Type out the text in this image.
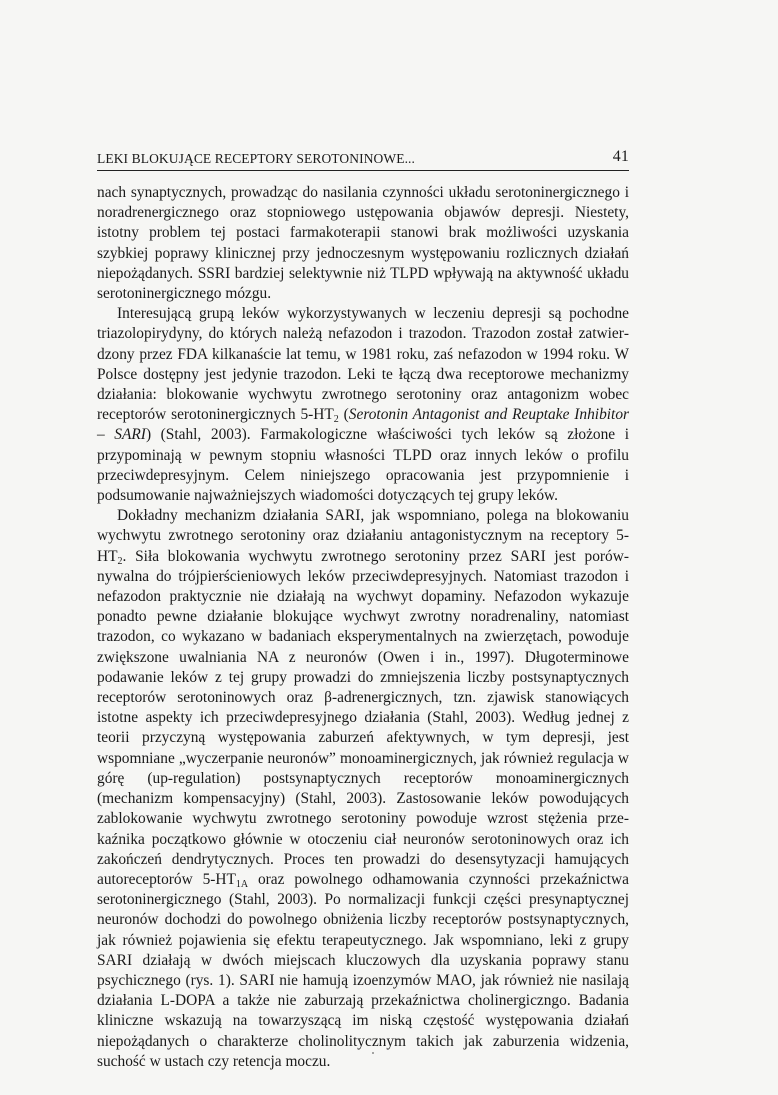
LEKI BLOKUJĄCE RECEPTORY SEROTONINOWE...	41

nach synaptycznych, prowadząc do nasilania czynności układu serotoninergicznego i noradrenergicznego oraz stopniowego ustępowania objawów depresji. Niestety, istotny problem tej postaci farmakoterapii stanowi brak możliwości uzyskania szybkiej poprawy klinicznej przy jednoczesnym występowaniu rozlicznych działań niepożądanych. SSRI bardziej selektywnie niż TLPD wpływają na aktywność układu serotoninergicznego mózgu.

Interesującą grupą leków wykorzystywanych w leczeniu depresji są pochodne triazolopirydyny, do których należą nefazodon i trazodon. Trazodon został zatwierdzony przez FDA kilkanaście lat temu, w 1981 roku, zaś nefazodon w 1994 roku. W Polsce dostępny jest jedynie trazodon. Leki te łączą dwa receptorowe mechanizmy działania: blokowanie wychwytu zwrotnego serotoniny oraz antagonizm wobec receptorów serotoninergicznych $5-HT_2$ (Serotonin Antagonist and Reuptake Inhibitor – SARI) (Stahl, 2003). Farmakologiczne właściwości tych leków są złożone i przypominają w pewnym stopniu własności TLPD oraz innych leków o profilu przeciwdepresyjnym. Celem niniejszego opracowania jest przypomnienie i podsumowanie najważniejszych wiadomości dotyczących tej grupy leków.

Dokładny mechanizm działania SARI, jak wspomniano, polega na blokowaniu wychwytu zwrotnego serotoniny oraz działaniu antagonistycznym na receptory $5-HT_2$. Siła blokowania wychwytu zwrotnego serotoniny przez SARI jest porównywalna do trójpierścieniowych leków przeciwdepresyjnych. Natomiast trazodon i nefazodon praktycznie nie działają na wychwyt dopaminy. Nefazodon wykazuje ponadto pewne działanie blokujące wychwyt zwrotny noradrenaliny, natomiast trazodon, co wykazano w badaniach eksperymentalnych na zwierzętach, powoduje zwiększone uwalniania NA z neuronów (Owen i in., 1997). Długoterminowe podawanie leków z tej grupy prowadzi do zmniejszenia liczby postsynaptycznych receptorów serotoninowych oraz β-adrenergicznych, tzn. zjawisk stanowiących istotne aspekty ich przeciwdepresyjnego działania (Stahl, 2003). Według jednej z teorii przyczyną występowania zaburzeń afektywnych, w tym depresji, jest wspomniane „wyczerpanie neuronów” monoaminergicznych, jak również regulacja w górę (up-regulation) postsynaptycznych receptorów monoaminergicznych (mechanizm kompensacyjny) (Stahl, 2003). Zastosowanie leków powodujących zablokowanie wychwytu zwrotnego serotoniny powoduje wzrost stężenia przekaźnika początkowo głównie w otoczeniu ciał neuronów serotoninowych oraz ich zakończeń dendrytycznych. Proces ten prowadzi do desensytyzacji hamujących autoreceptorów $5-HT_{1A}$ oraz powolnego odhamowania czynności przekaźnictwa serotoninergicznego (Stahl, 2003). Po normalizacji funkcji części presynaptycznej neuronów dochodzi do powolnego obniżenia liczby receptorów postsynaptycznych, jak również pojawienia się efektu terapeutycznego. Jak wspomniano, leki z grupy SARI działają w dwóch miejscach kluczowych dla uzyskania poprawy stanu psychicznego (rys. 1). SARI nie hamują izoenzymów MAO, jak również nie nasilają działania L-DOPA a także nie zaburzają przekaźnictwa cholinergiczngo. Badania kliniczne wskazują na towarzyszącą im niską częstość występowania działań niepożądanych o charakterze cholinolitycznym takich jak zaburzenia widzenia, suchość w ustach czy retencja moczu.
